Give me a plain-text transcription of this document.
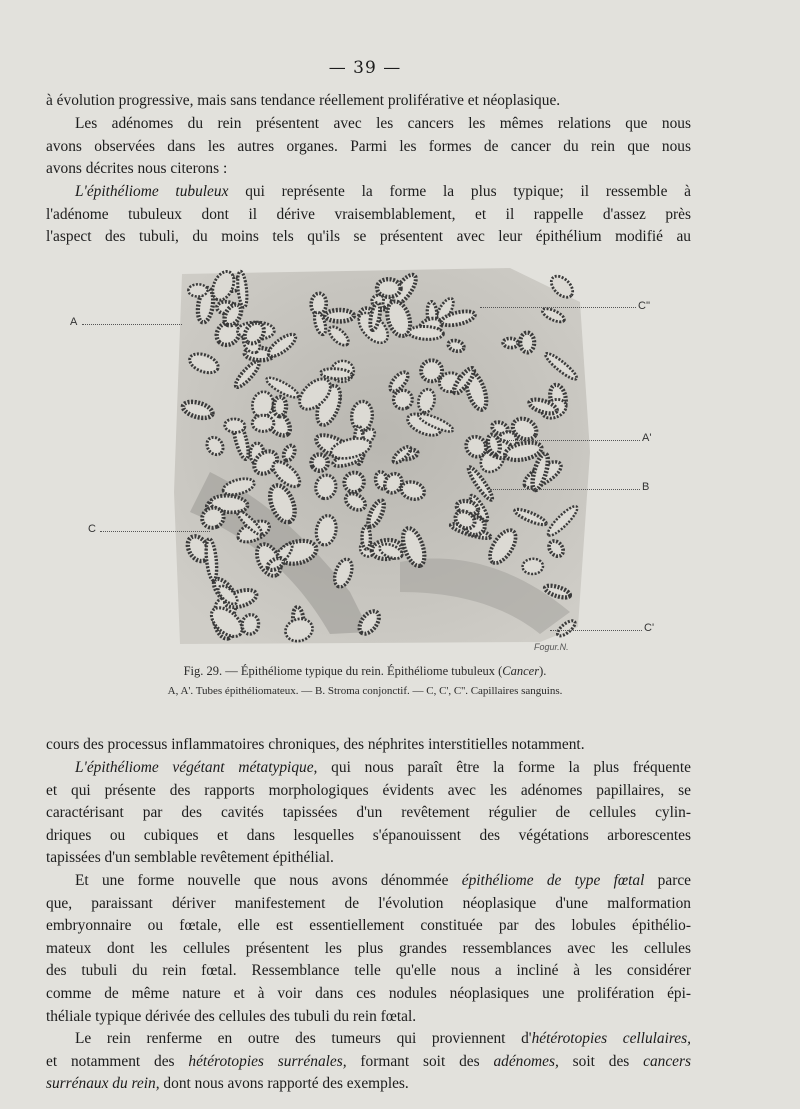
— 39 —
à évolution progressive, mais sans tendance réellement proliférative et néoplasique.
Les adénomes du rein présentent avec les cancers les mêmes relations que nous
avons observées dans les autres organes. Parmi les formes de cancer du rein que nous
avons décrites nous citerons :
L'épithéliome tubuleux qui représente la forme la plus typique; il ressemble à
l'adénome tubuleux dont il dérive vraisemblablement, et il rappelle d'assez près
l'aspect des tubuli, du moins tels qu'ils se présentent avec leur épithélium modifié au
A
C''
A'
B
C
C'
Fogur.N.
Fig. 29. — Épithéliome typique du rein. Épithéliome tubuleux (Cancer).
A, A'. Tubes épithéliomateux. — B. Stroma conjonctif. — C, C', C''. Capillaires sanguins.
cours des processus inflammatoires chroniques, des néphrites interstitielles notamment.
L'épithéliome végétant métatypique, qui nous paraît être la forme la plus fréquente
et qui présente des rapports morphologiques évidents avec les adénomes papillaires, se
caractérisant par des cavités tapissées d'un revêtement régulier de cellules cylin-
driques ou cubiques et dans lesquelles s'épanouissent des végétations arborescentes
tapissées d'un semblable revêtement épithélial.
Et une forme nouvelle que nous avons dénommée épithéliome de type fœtal parce
que, paraissant dériver manifestement de l'évolution néoplasique d'une malformation
embryonnaire ou fœtale, elle est essentiellement constituée par des lobules épithélio-
mateux dont les cellules présentent les plus grandes ressemblances avec les cellules
des tubuli du rein fœtal. Ressemblance telle qu'elle nous a incliné à les considérer
comme de même nature et à voir dans ces nodules néoplasiques une prolifération épi-
théliale typique dérivée des cellules des tubuli du rein fœtal.
Le rein renferme en outre des tumeurs qui proviennent d'hétérotopies cellulaires,
et notamment des hétérotopies surrénales, formant soit des adénomes, soit des cancers
surrénaux du rein, dont nous avons rapporté des exemples.
